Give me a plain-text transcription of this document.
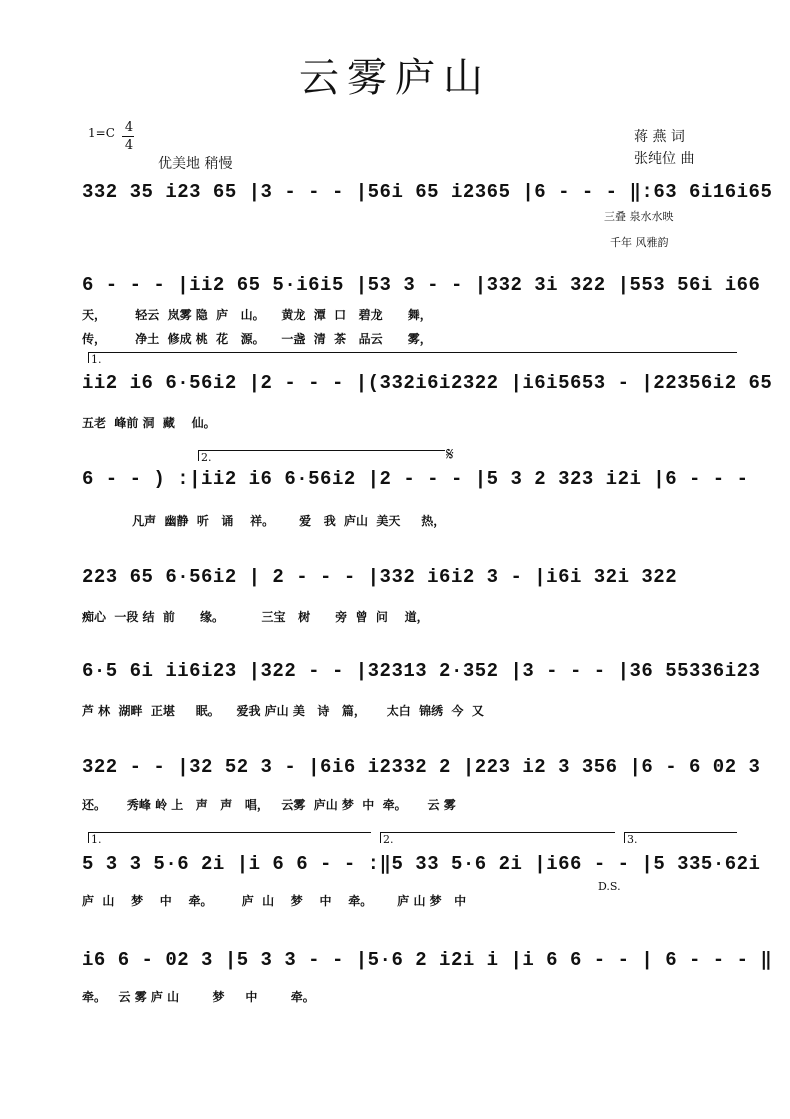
云雾庐山
1=C 4
4
蒋 燕 词
张纯位 曲
优美地 稍慢
332 35 i23 65 |3 - - - |56i 65 i2365 |6 - - - ‖:63 6i16i65
三叠 泉水水映
千年 风雅韵
6 - - - |ii2 65 5·i6i5 |53 3 - - |332 3i 322 |553 56i i66
天，       轻云  岚雾 隐  庐   山。    黄龙  潭  口   碧龙      舞，
传，       净土  修成 桃  花   源。    一盏  清  茶   品云      雾，
1.
ii2 i6 6·56i2 |2 - - - |(332i6i2322 |i6i5653 - |22356i2 65
五老  峰前 洞  藏    仙。
2.	𝄋
6 - - ) :|ii2 i6 6·56i2 |2 - - - |5 3 2 323 i2i |6 - - -
凡声  幽静  听   诵    祥。      爱   我  庐山  美天     热，
223 65 6·56i2 | 2 - - - |332 i6i2 3 - |i6i 32i 322
痴心  一段 结  前      缘。         三宝   树      旁  曾  问    道，
6·5 6i ii6i23 |322 - - |32313 2·352 |3 - - - |36 55336i23
芦 林  湖畔  正堪     眠。    爱我 庐山 美   诗   篇，     太白  锦绣  今  又
322 - - |32 52 3 - |6i6 i2332 2 |223 i2 3 356 |6 - 6 02 3
还。     秀峰 岭 上   声   声   唱，   云雾  庐山 梦  中  牵。     云 雾
1.	2.	3.
5 3 3 5·6 2i |i 6 6 - - :‖5 33 5·6 2i |i66 - - |5 335·62i
庐  山    梦    中    牵。       庐  山    梦    中    牵。      庐 山 梦   中
D.S.
i6 6 - 02 3 |5 3 3 - - |5·6 2 i2i i |i 6 6 - - | 6 - - - ‖
牵。   云 雾 庐 山        梦     中        牵。
